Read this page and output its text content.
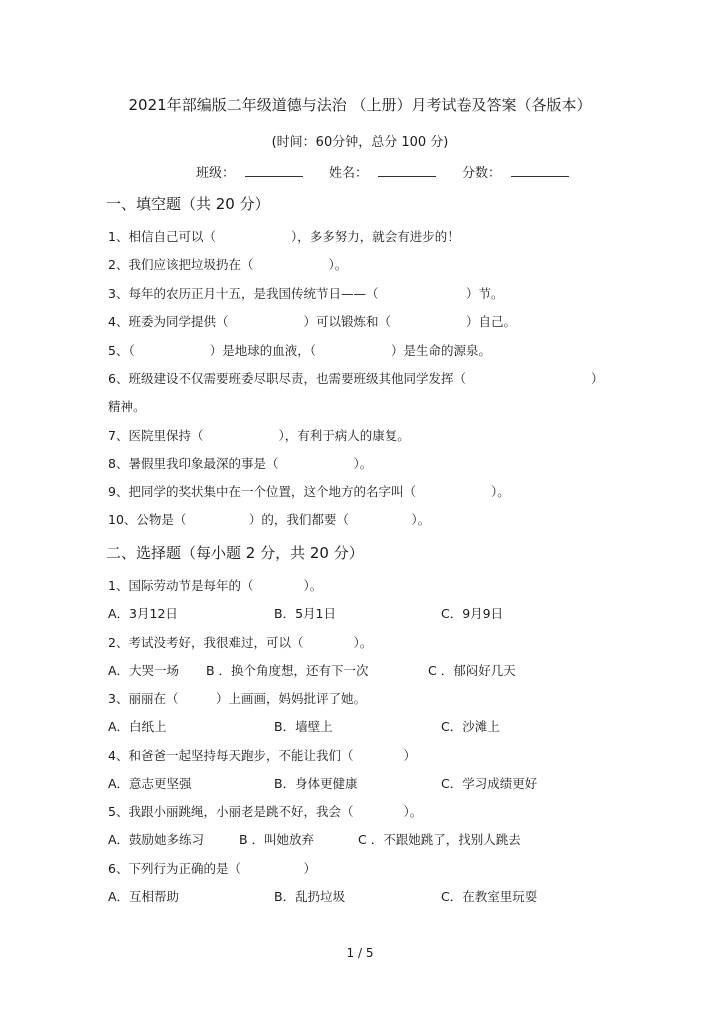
2021年部编版二年级道德与法治 （上册）月考试卷及答案（各版本）
(时间：60分钟，总分 100 分)
班级：	姓名：	分数：
一、填空题（共 20 分）
1、相信自己可以（　　　　　　），多多努力，就会有进步的！
2、我们应该把垃圾扔在（　　　　　　）。
3、每年的农历正月十五，是我国传统节日——（　　　　　　　）节。
4、班委为同学提供（　　　　　　）可以锻炼和（　　　　　　）自己。
5、（　　　　　　）是地球的血液，（　　　　　　）是生命的源泉。
6、班级建设不仅需要班委尽职尽责，也需要班级其他同学发挥（　　　　　　　　　　）
精神。
7、医院里保持（　　　　　　），有利于病人的康复。
8、暑假里我印象最深的事是（　　　　　　）。
9、把同学的奖状集中在一个位置，这个地方的名字叫（　　　　　　）。
10、公物是（　　　　　）的，我们都要（　　　　　）。
二、选择题（每小题 2 分，共 20 分）
1、国际劳动节是每年的（　　　　）。
A．3月12日	B．5月1日	C．9月9日
2、考试没考好，我很难过，可以（　　　　）。
A．大哭一场 B ．换个角度想，还有下一次	C ．郁闷好几天
3、丽丽在（　　　）上画画，妈妈批评了她。
A．白纸上	B．墙壁上	C．沙滩上
4、和爸爸一起坚持每天跑步，不能让我们（　　　　）
A．意志更坚强	B．身体更健康	C．学习成绩更好
5、我跟小丽跳绳，小丽老是跳不好，我会（　　　　）。
A．鼓励她多练习	B ．叫她放弃	C ．不跟她跳了，找别人跳去
6、下列行为正确的是（　　　　　）
A．互相帮助	B．乱扔垃圾	C．在教室里玩耍
1 / 5
